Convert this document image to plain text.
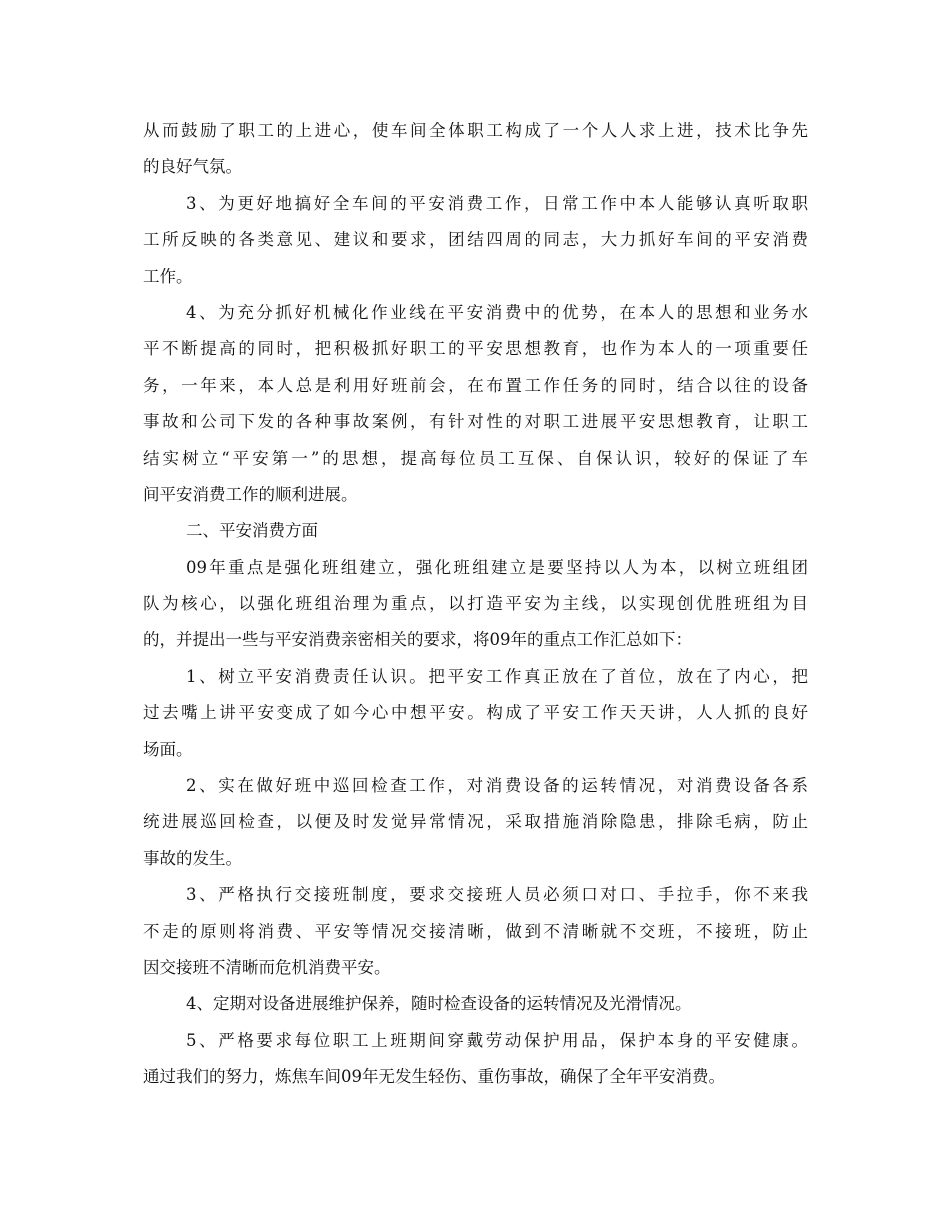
从而鼓励了职工的上进心，使车间全体职工构成了一个人人求上进，技术比争先
的良好气氛。
3、为更好地搞好全车间的平安消费工作，日常工作中本人能够认真听取职
工所反映的各类意见、建议和要求，团结四周的同志，大力抓好车间的平安消费
工作。
4、为充分抓好机械化作业线在平安消费中的优势，在本人的思想和业务水
平不断提高的同时，把积极抓好职工的平安思想教育，也作为本人的一项重要任
务，一年来，本人总是利用好班前会，在布置工作任务的同时，结合以往的设备
事故和公司下发的各种事故案例，有针对性的对职工进展平安思想教育，让职工
结实树立“平安第一”的思想，提高每位员工互保、自保认识，较好的保证了车
间平安消费工作的顺利进展。
二、平安消费方面
09年重点是强化班组建立，强化班组建立是要坚持以人为本，以树立班组团
队为核心，以强化班组治理为重点，以打造平安为主线，以实现创优胜班组为目
的，并提出一些与平安消费亲密相关的要求，将09年的重点工作汇总如下：
1、树立平安消费责任认识。把平安工作真正放在了首位，放在了内心，把
过去嘴上讲平安变成了如今心中想平安。构成了平安工作天天讲，人人抓的良好
场面。
2、实在做好班中巡回检查工作，对消费设备的运转情况，对消费设备各系
统进展巡回检查，以便及时发觉异常情况，采取措施消除隐患，排除毛病，防止
事故的发生。
3、严格执行交接班制度，要求交接班人员必须口对口、手拉手，你不来我
不走的原则将消费、平安等情况交接清晰，做到不清晰就不交班，不接班，防止
因交接班不清晰而危机消费平安。
4、定期对设备进展维护保养，随时检查设备的运转情况及光滑情况。
5、严格要求每位职工上班期间穿戴劳动保护用品，保护本身的平安健康。
通过我们的努力，炼焦车间09年无发生轻伤、重伤事故，确保了全年平安消费。
